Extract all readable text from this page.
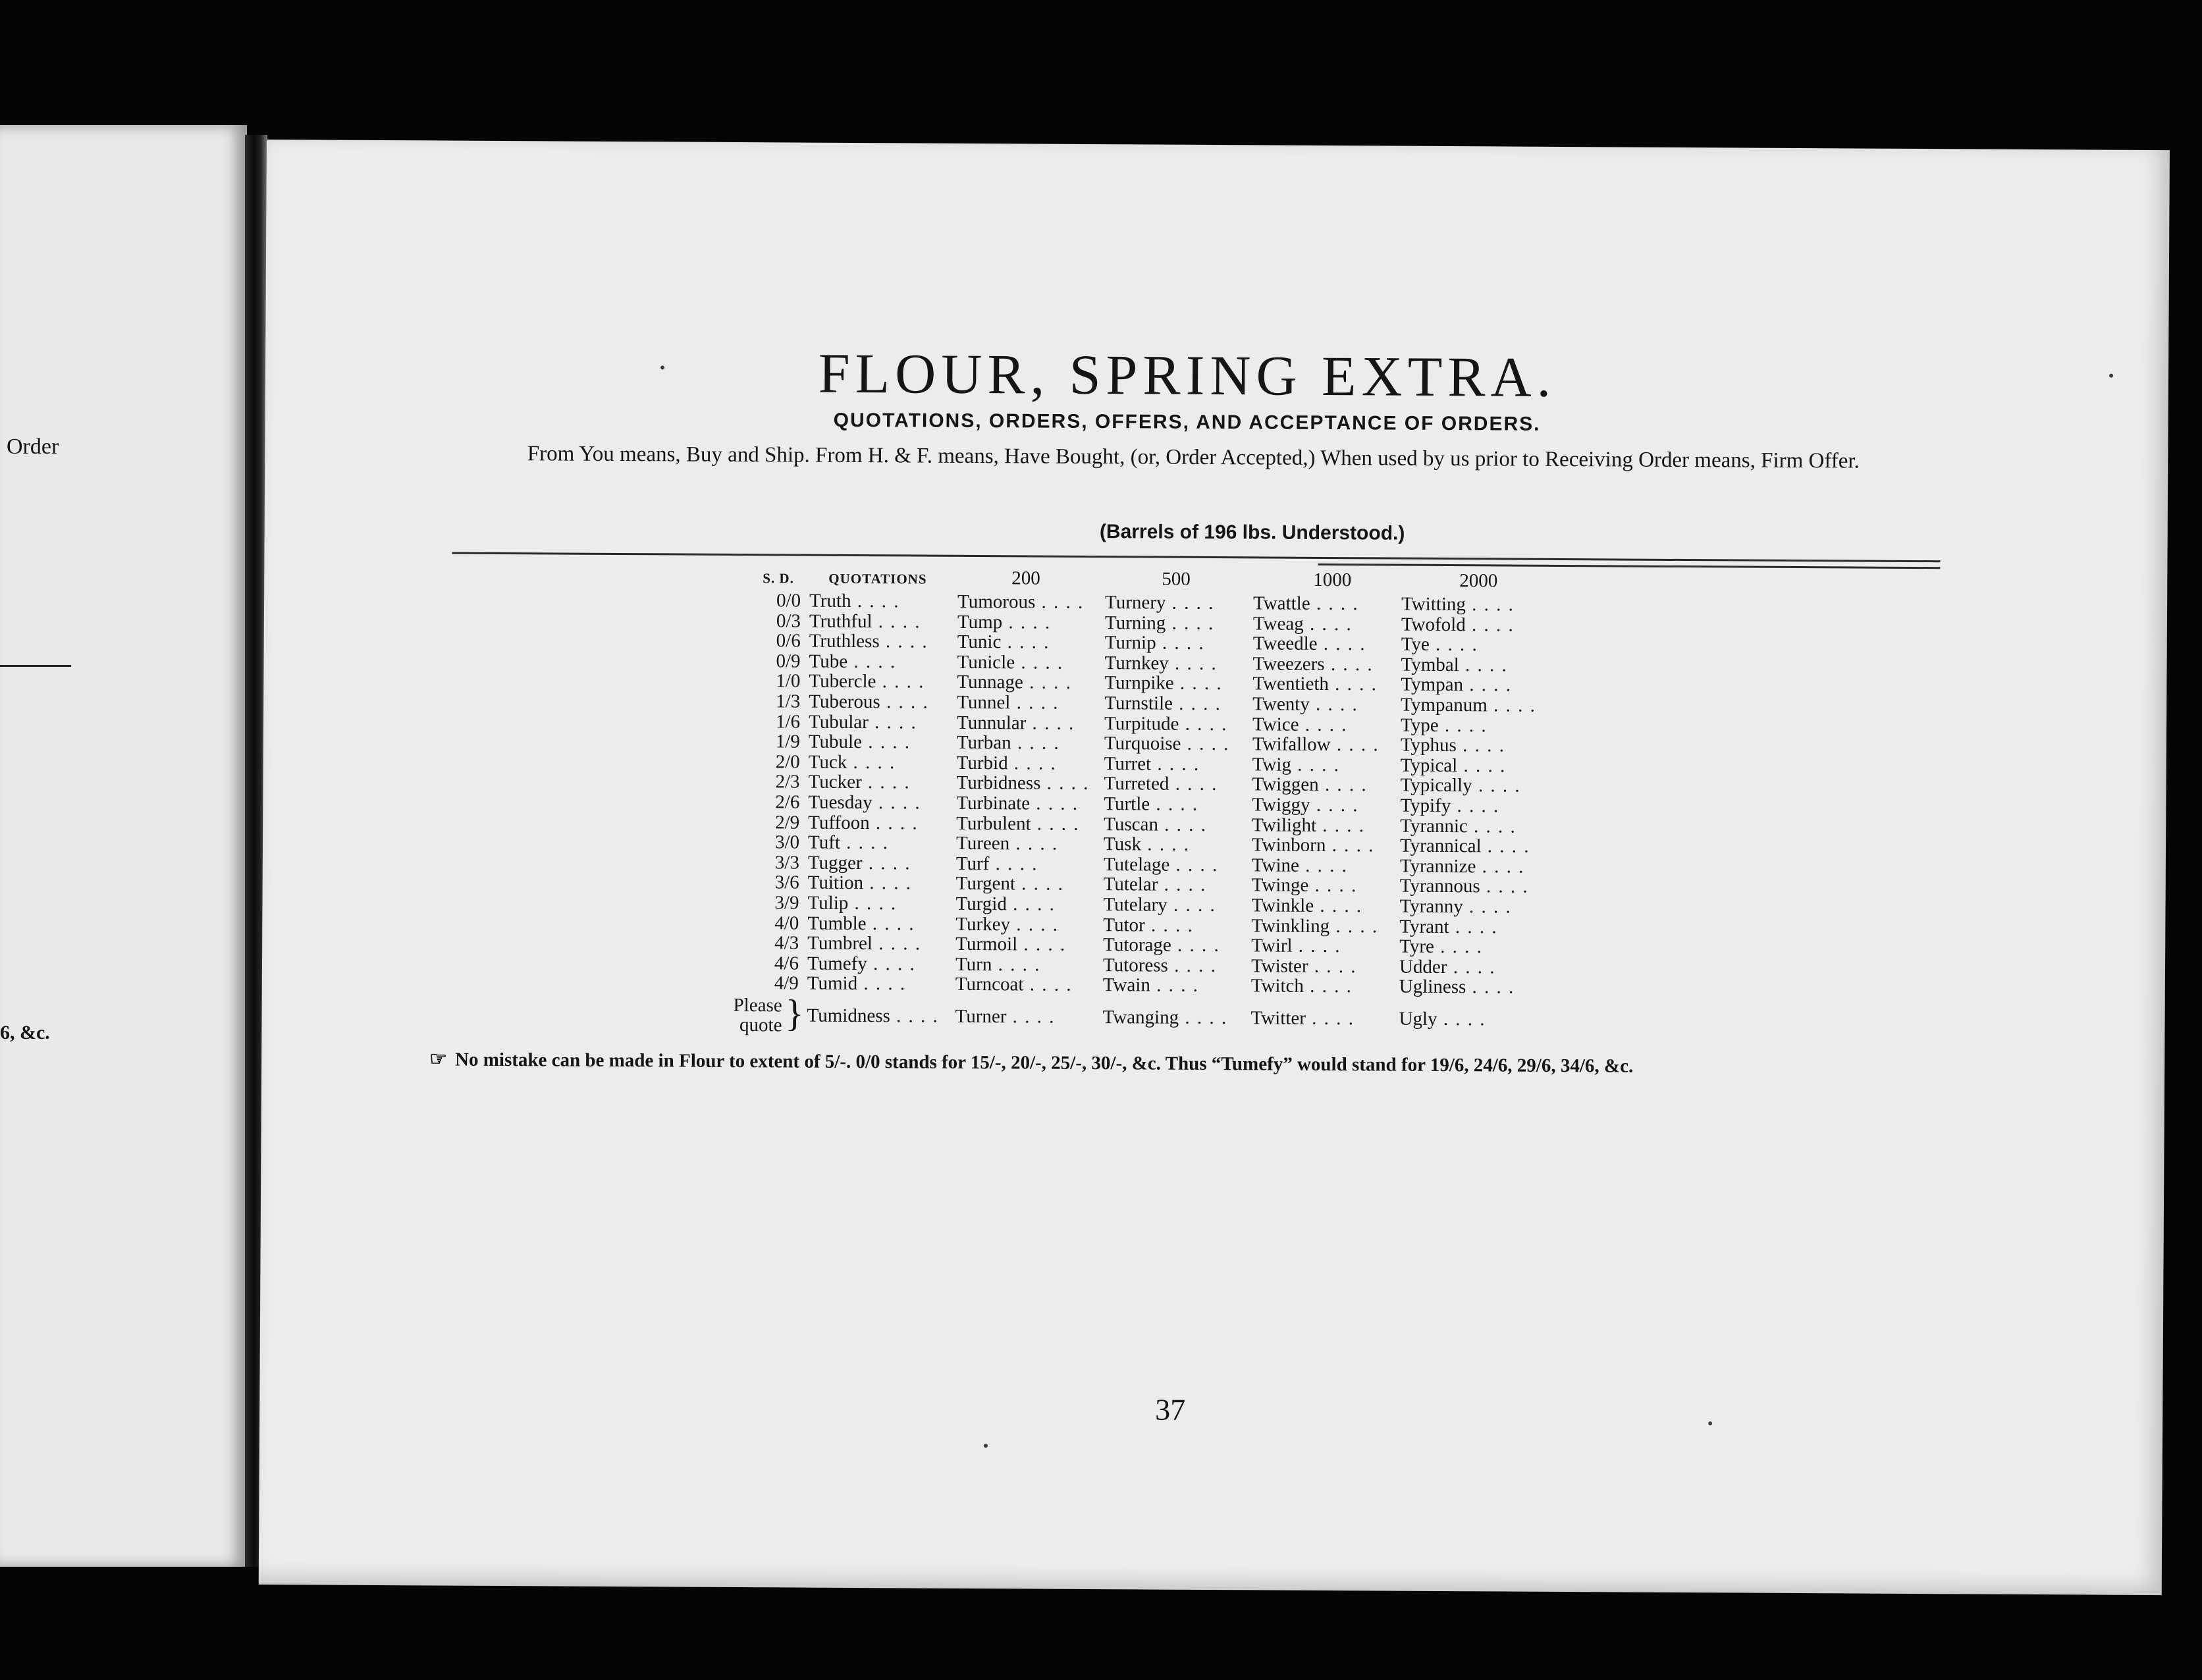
Order
6, &c.
FLOUR, SPRING EXTRA.
QUOTATIONS, ORDERS, OFFERS, AND ACCEPTANCE OF ORDERS.
From You means, Buy and Ship. From H. & F. means, Have Bought, (or, Order Accepted,) When used by us prior to Receiving Order means, Firm Offer.
(Barrels of 196 lbs. Understood.)
S. D. QUOTATIONS	200	500	1000	2000
0/0 Truth . . . .	Tumorous . . . .	Turnery . . . .	Twattle . . . .	Twitting . . . .
0/3 Truthful . . . .	Tump . . . .	Turning . . . .	Tweag . . . .	Twofold . . . .
0/6 Truthless . . . .	Tunic . . . .	Turnip . . . .	Tweedle . . . .	Tye . . . .
0/9 Tube . . . .	Tunicle . . . .	Turnkey . . . .	Tweezers . . . .	Tymbal . . . .
1/0 Tubercle . . . .	Tunnage . . . .	Turnpike . . . .	Twentieth . . . .	Tympan . . . .
1/3 Tuberous . . . .	Tunnel . . . .	Turnstile . . . .	Twenty . . . .	Tympanum . . . .
1/6 Tubular . . . .	Tunnular . . . .	Turpitude . . . .	Twice . . . .	Type . . . .
1/9 Tubule . . . .	Turban . . . .	Turquoise . . . .	Twifallow . . . .	Typhus . . . .
2/0 Tuck . . . .	Turbid . . . .	Turret . . . .	Twig . . . .	Typical . . . .
2/3 Tucker . . . .	Turbidness . . . .	Turreted . . . .	Twiggen . . . .	Typically . . . .
2/6 Tuesday . . . .	Turbinate . . . .	Turtle . . . .	Twiggy . . . .	Typify . . . .
2/9 Tuffoon . . . .	Turbulent . . . .	Tuscan . . . .	Twilight . . . .	Tyrannic . . . .
3/0 Tuft . . . .	Tureen . . . .	Tusk . . . .	Twinborn . . . .	Tyrannical . . . .
3/3 Tugger . . . .	Turf . . . .	Tutelage . . . .	Twine . . . .	Tyrannize . . . .
3/6 Tuition . . . .	Turgent . . . .	Tutelar . . . .	Twinge . . . .	Tyrannous . . . .
3/9 Tulip . . . .	Turgid . . . .	Tutelary . . . .	Twinkle . . . .	Tyranny . . . .
4/0 Tumble . . . .	Turkey . . . .	Tutor . . . .	Twinkling . . . .	Tyrant . . . .
4/3 Tumbrel . . . .	Turmoil . . . .	Tutorage . . . .	Twirl . . . .	Tyre . . . .
4/6 Tumefy . . . .	Turn . . . .	Tutoress . . . .	Twister . . . .	Udder . . . .
4/9 Tumid . . . .	Turncoat . . . .	Twain . . . .	Twitch . . . .	Ugliness . . . .
Please
quote } Tumidness . . . .	Turner . . . .	Twanging . . . .	Twitter . . . .	Ugly . . . .
☞ No mistake can be made in Flour to extent of 5/-. 0/0 stands for 15/-, 20/-, 25/-, 30/-, &c. Thus “Tumefy” would stand for 19/6, 24/6, 29/6, 34/6, &c.
37
